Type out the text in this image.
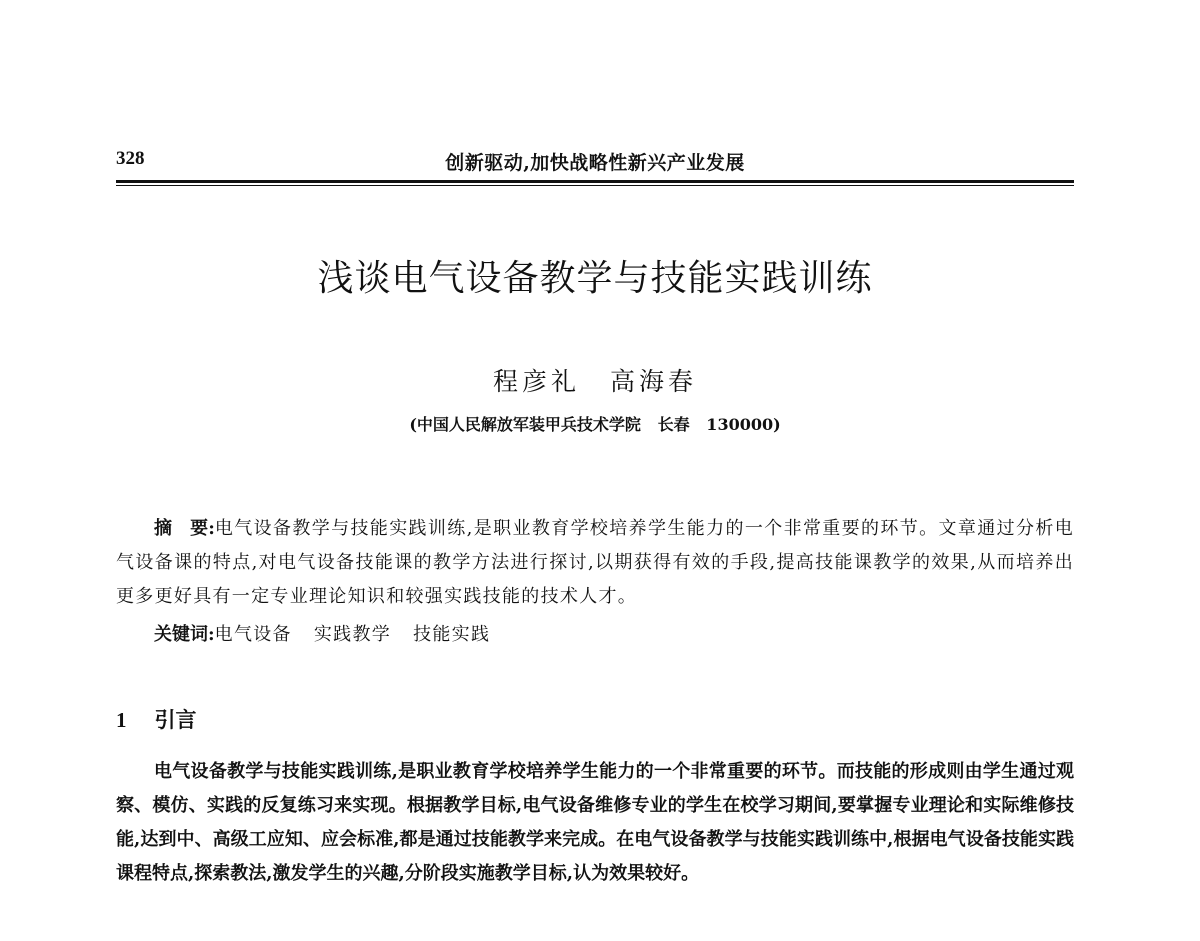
328	创新驱动,加快战略性新兴产业发展
浅谈电气设备教学与技能实践训练
程彦礼 高海春
(中国人民解放军装甲兵技术学院   长春   130000)

摘　要:电气设备教学与技能实践训练,是职业教育学校培养学生能力的一个非常重要的环节。文章通过分析电气设备课的特点,对电气设备技能课的教学方法进行探讨,以期获得有效的手段,提高技能课教学的效果,从而培养出更多更好具有一定专业理论知识和较强实践技能的技术人才。

关键词:电气设备 实践教学 技能实践

1 引言

电气设备教学与技能实践训练,是职业教育学校培养学生能力的一个非常重要的环节。而技能的形成则由学生通过观察、模仿、实践的反复练习来实现。根据教学目标,电气设备维修专业的学生在校学习期间,要掌握专业理论和实际维修技能,达到中、高级工应知、应会标准,都是通过技能教学来完成。在电气设备教学与技能实践训练中,根据电气设备技能实践课程特点,探索教法,激发学生的兴趣,分阶段实施教学目标,认为效果较好。
